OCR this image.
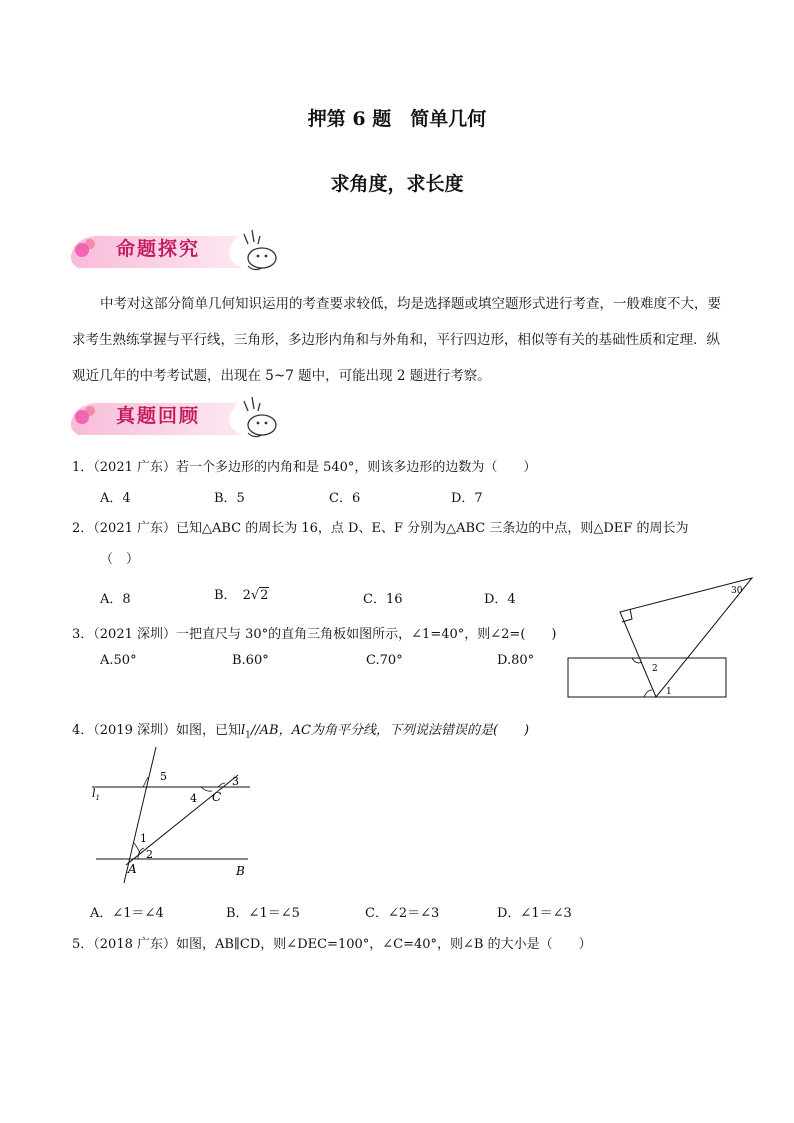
押第 6 题　简单几何
求角度，求长度
命题探究
中考对这部分简单几何知识运用的考查要求较低，均是选择题或填空题形式进行考查，一般难度不大，要求考生熟练掌握与平行线，三角形，多边形内角和与外角和，平行四边形，相似等有关的基础性质和定理．纵观近几年的中考考试题，出现在 5~7 题中，可能出现 2 题进行考察。
真题回顾
1．（2021 广东）若一个多边形的内角和是 540°，则该多边形的边数为（　　）
A．4	B．5	C．6	D．7
2．（2021 广东）已知△ABC 的周长为 16，点 D、E、F 分别为△ABC 三条边的中点，则△DEF 的周长为
（　）
A．8	B． 2√2	C．16	D．4
3．（2021 深圳）一把直尺与 30°的直角三角板如图所示，∠1=40°，则∠2=(　　)
A.50°	B.60°	C.70°	D.80°
30
2
1
4．（2019 深圳）如图，已知$l_1//AB$，AC为角平分线，下列说法错误的是(　　)
$l_1$
5	3
4 C
1
2
A	B
A．∠1＝∠4	B．∠1＝∠5	C．∠2＝∠3	D．∠1＝∠3
5．（2018 广东）如图，AB∥CD，则∠DEC=100°，∠C=40°，则∠B 的大小是（　　）
